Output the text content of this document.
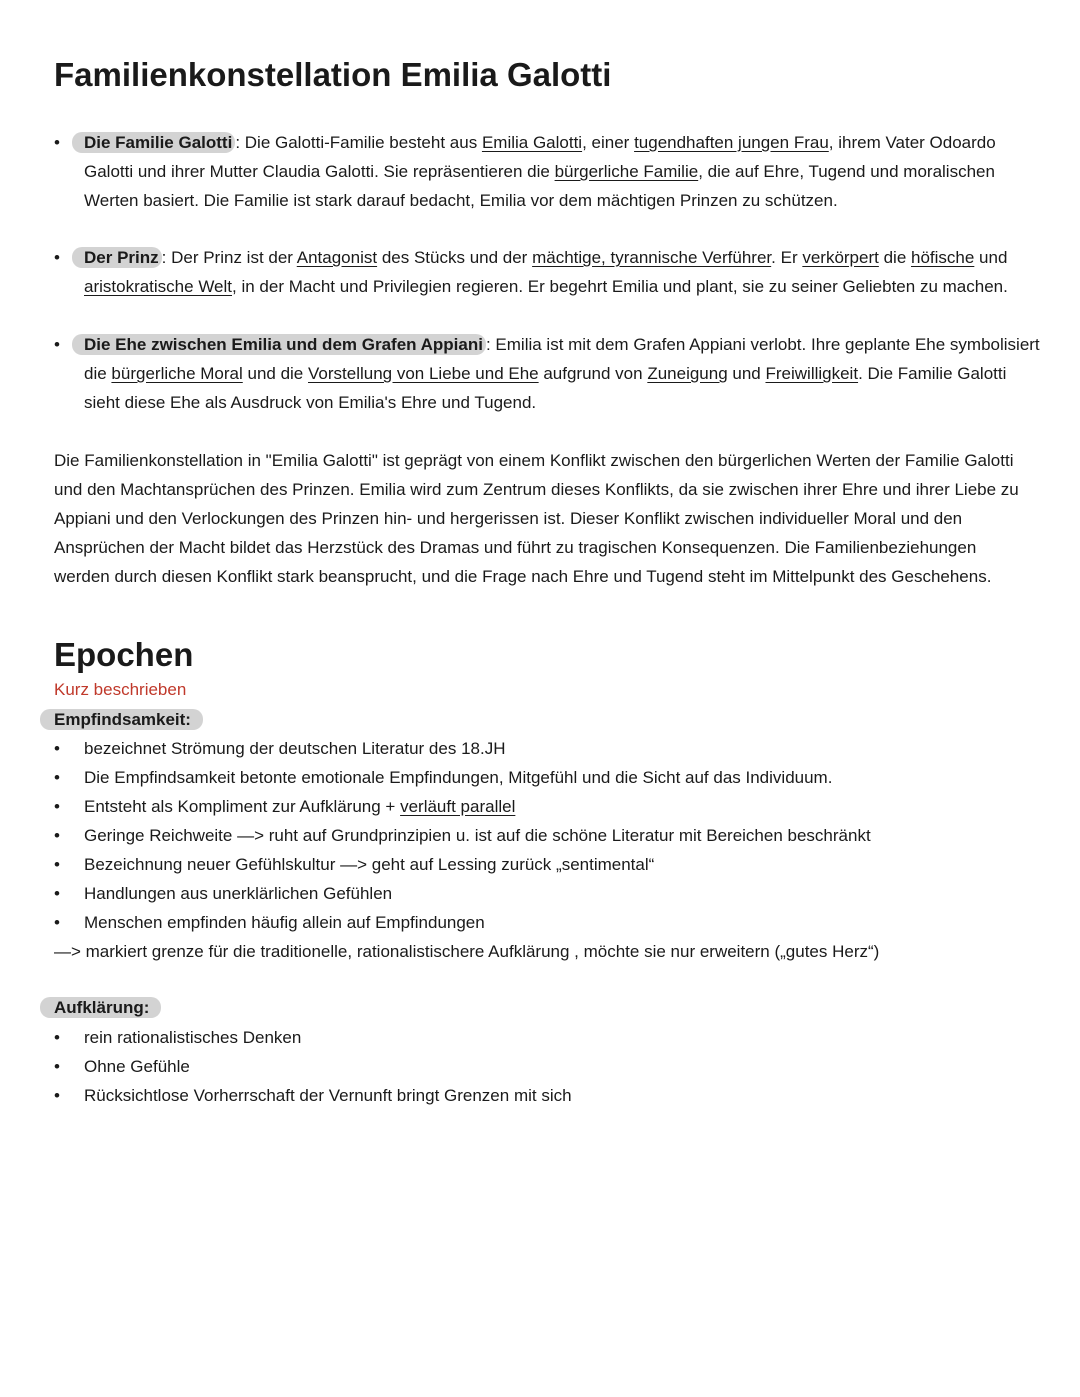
Familienkonstellation Emilia Galotti
•	Die Familie Galotti : Die Galotti-Familie besteht aus Emilia Galotti, einer tugendhaften jungen Frau, ihrem Vater Odoardo Galotti und ihrer Mutter Claudia Galotti. Sie repräsentieren die bürgerliche Familie, die auf Ehre, Tugend und moralischen Werten basiert. Die Familie ist stark darauf bedacht, Emilia vor dem mächtigen Prinzen zu schützen.
•	Der Prinz : Der Prinz ist der Antagonist des Stücks und der mächtige, tyrannische Verführer. Er verkörpert die höfische und aristokratische Welt, in der Macht und Privilegien regieren. Er begehrt Emilia und plant, sie zu seiner Geliebten zu machen.
•	Die Ehe zwischen Emilia und dem Grafen Appiani : Emilia ist mit dem Grafen Appiani verlobt. Ihre geplante Ehe symbolisiert die bürgerliche Moral und die Vorstellung von Liebe und Ehe aufgrund von Zuneigung und Freiwilligkeit. Die Familie Galotti sieht diese Ehe als Ausdruck von Emilia's Ehre und Tugend.

Die Familienkonstellation in "Emilia Galotti" ist geprägt von einem Konflikt zwischen den bürgerlichen Werten der Familie Galotti und den Machtansprüchen des Prinzen. Emilia wird zum Zentrum dieses Konflikts, da sie zwischen ihrer Ehre und ihrer Liebe zu Appiani und den Verlockungen des Prinzen hin- und hergerissen ist. Dieser Konflikt zwischen individueller Moral und den Ansprüchen der Macht bildet das Herzstück des Dramas und führt zu tragischen Konsequenzen. Die Familienbeziehungen werden durch diesen Konflikt stark beansprucht, und die Frage nach Ehre und Tugend steht im Mittelpunkt des Geschehens.

Epochen
Kurz beschrieben
Empfindsamkeit:
• bezeichnet Strömung der deutschen Literatur des 18.JH
• Die Empfindsamkeit betonte emotionale Empfindungen, Mitgefühl und die Sicht auf das Individuum.
• Entsteht als Kompliment zur Aufklärung + verläuft parallel
• Geringe Reichweite —> ruht auf Grundprinzipien u. ist auf die schöne Literatur mit Bereichen beschränkt
• Bezeichnung neuer Gefühlskultur —> geht auf Lessing zurück „sentimental“
• Handlungen aus unerklärlichen Gefühlen
• Menschen empfinden häufig allein auf Empfindungen
—> markiert grenze für die traditionelle, rationalistischere Aufklärung , möchte sie nur erweitern („gutes Herz“)
Aufklärung:
• rein rationalistisches Denken
• Ohne Gefühle
• Rücksichtlose Vorherrschaft der Vernunft bringt Grenzen mit sich
